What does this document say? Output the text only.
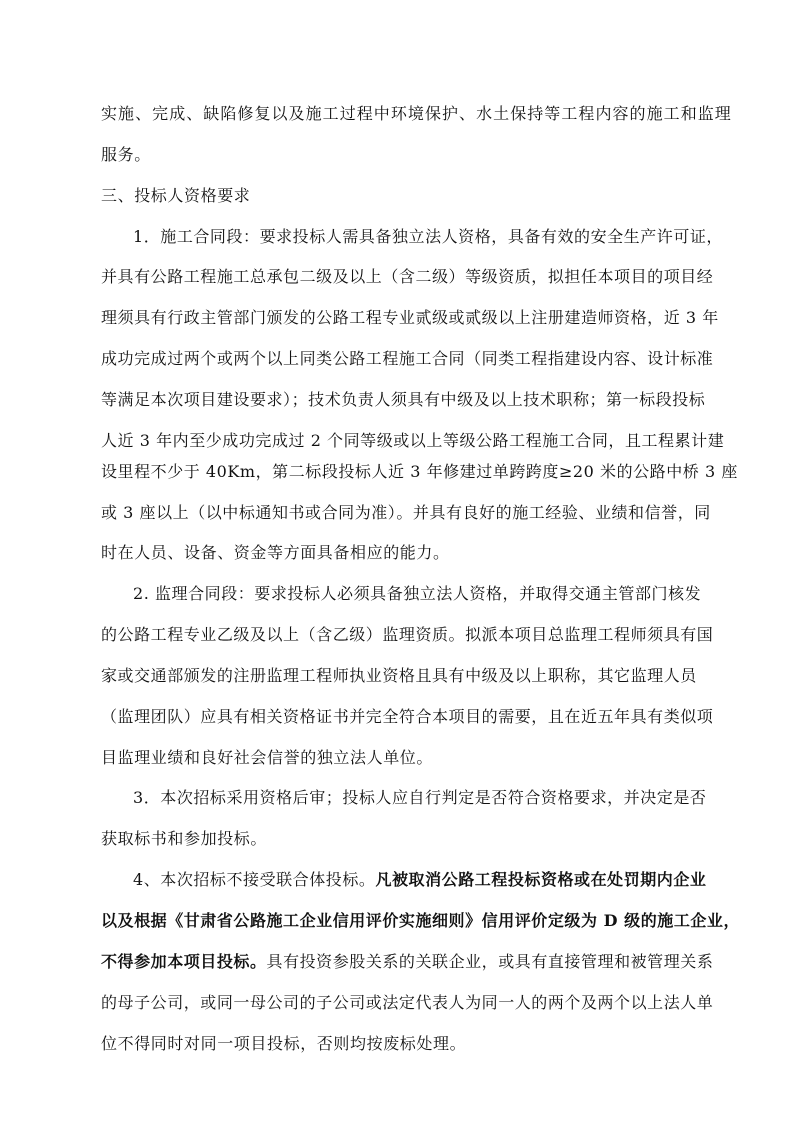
实施、完成、缺陷修复以及施工过程中环境保护、水土保持等工程内容的施工和监理
服务。
三、投标人资格要求
1．施工合同段：要求投标人需具备独立法人资格，具备有效的安全生产许可证，
并具有公路工程施工总承包二级及以上（含二级）等级资质，拟担任本项目的项目经
理须具有行政主管部门颁发的公路工程专业贰级或贰级以上注册建造师资格，近 3 年
成功完成过两个或两个以上同类公路工程施工合同（同类工程指建设内容、设计标准
等满足本次项目建设要求）；技术负责人须具有中级及以上技术职称；第一标段投标
人近 3 年内至少成功完成过 2 个同等级或以上等级公路工程施工合同，且工程累计建
设里程不少于 40Km，第二标段投标人近 3 年修建过单跨跨度≥20 米的公路中桥 3 座
或 3 座以上（以中标通知书或合同为准）。并具有良好的施工经验、业绩和信誉，同
时在人员、设备、资金等方面具备相应的能力。
2. 监理合同段：要求投标人必须具备独立法人资格，并取得交通主管部门核发
的公路工程专业乙级及以上（含乙级）监理资质。拟派本项目总监理工程师须具有国
家或交通部颁发的注册监理工程师执业资格且具有中级及以上职称，其它监理人员
（监理团队）应具有相关资格证书并完全符合本项目的需要，且在近五年具有类似项
目监理业绩和良好社会信誉的独立法人单位。
3．本次招标采用资格后审；投标人应自行判定是否符合资格要求，并决定是否
获取标书和参加投标。
4、本次招标不接受联合体投标。凡被取消公路工程投标资格或在处罚期内企业
以及根据《甘肃省公路施工企业信用评价实施细则》信用评价定级为 D 级的施工企业，
不得参加本项目投标。具有投资参股关系的关联企业，或具有直接管理和被管理关系
的母子公司，或同一母公司的子公司或法定代表人为同一人的两个及两个以上法人单
位不得同时对同一项目投标，否则均按废标处理。
